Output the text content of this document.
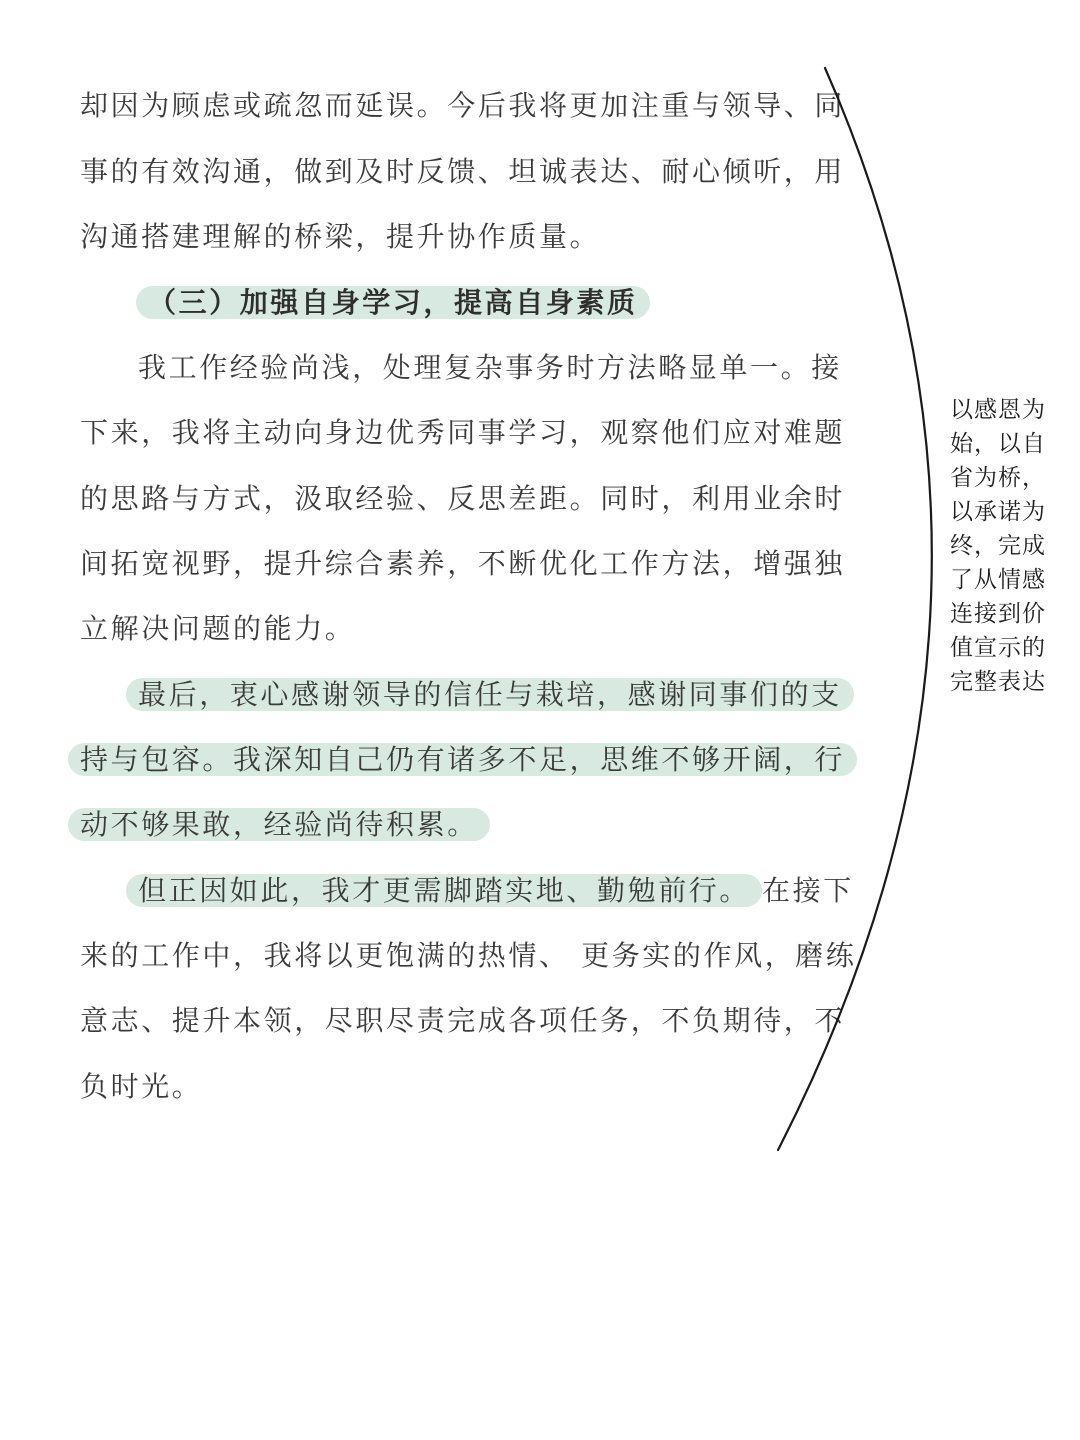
却因为顾虑或疏忽而延误。今后我将更加注重与领导、同
事的有效沟通，做到及时反馈、坦诚表达、耐心倾听，用
沟通搭建理解的桥梁，提升协作质量。
（三）加强自身学习，提高自身素质
我工作经验尚浅，处理复杂事务时方法略显单一。接
下来，我将主动向身边优秀同事学习，观察他们应对难题
的思路与方式，汲取经验、反思差距。同时，利用业余时
间拓宽视野，提升综合素养，不断优化工作方法，增强独
立解决问题的能力。
最后，衷心感谢领导的信任与栽培，感谢同事们的支
持与包容。我深知自己仍有诸多不足，思维不够开阔，行
动不够果敢，经验尚待积累。
但正因如此，我才更需脚踏实地、勤勉前行。 在接下
来的工作中，我将以更饱满的热情、 更务实的作风，磨练
意志、提升本领，尽职尽责完成各项任务，不负期待，不
负时光。
以感恩为
始，以自
省为桥，
以承诺为
终，完成
了从情感
连接到价
值宣示的
完整表达
